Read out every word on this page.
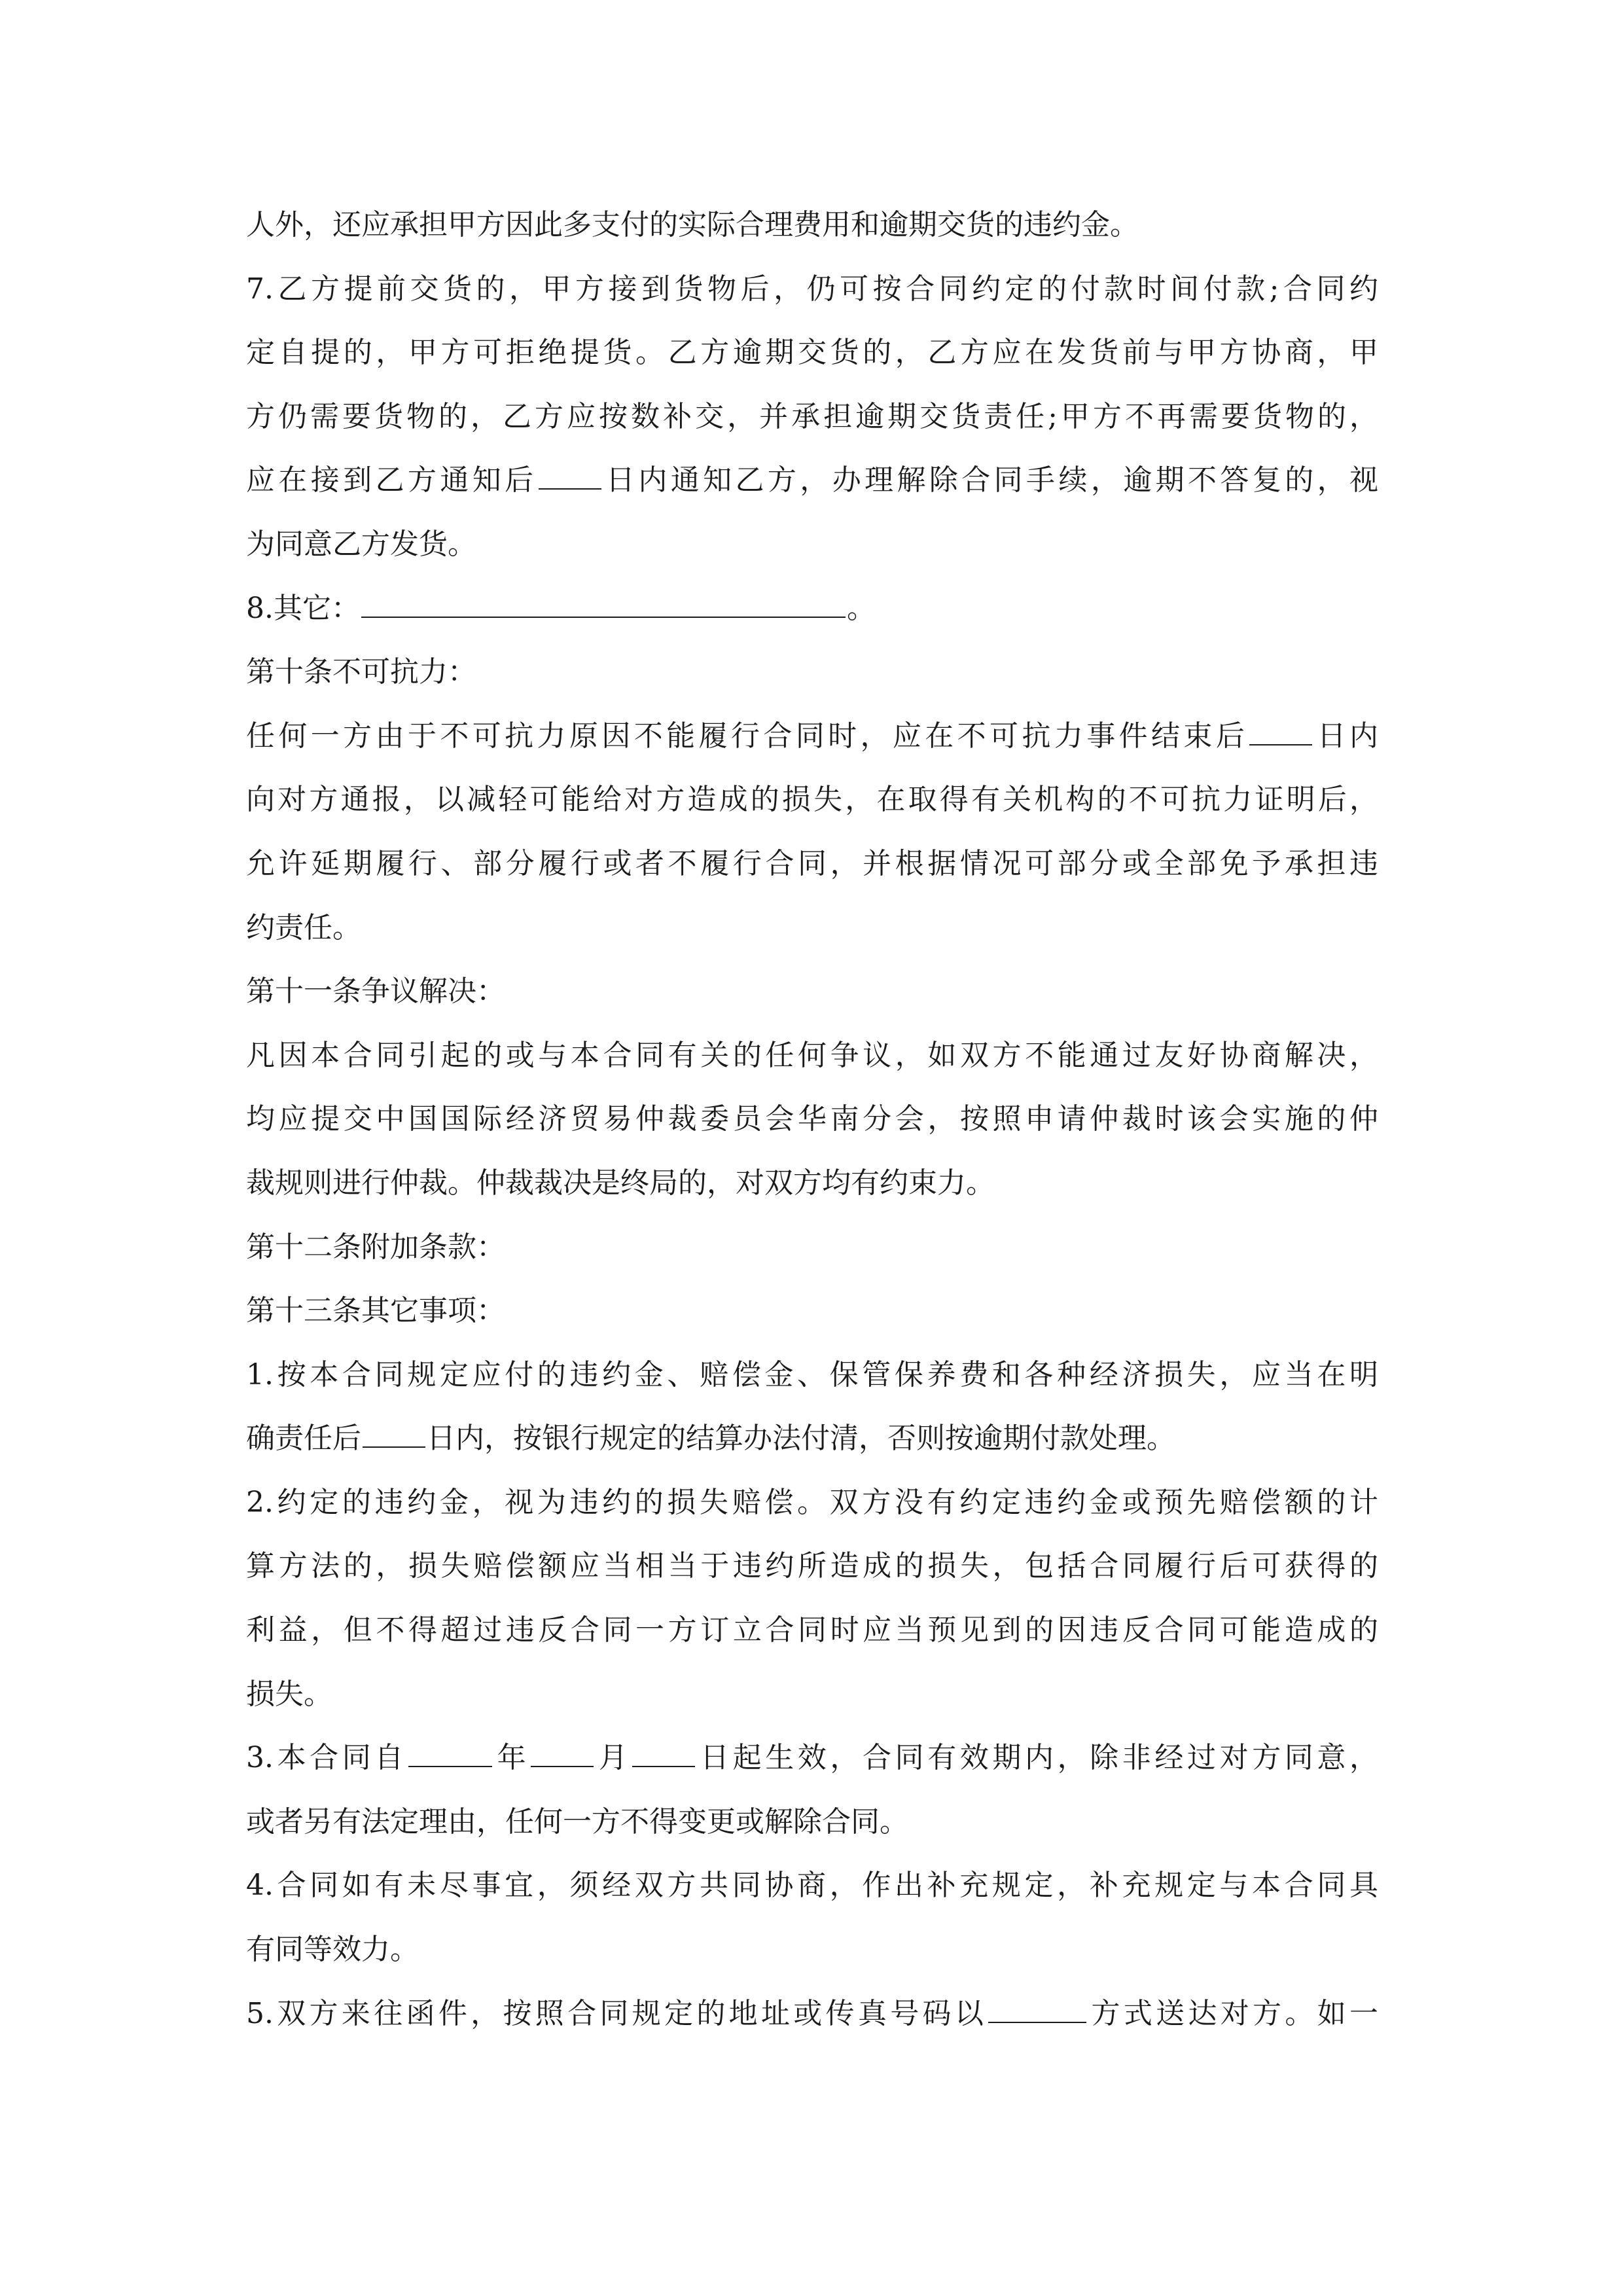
人外，还应承担甲方因此多支付的实际合理费用和逾期交货的违约金。
7.乙方提前交货的，甲方接到货物后，仍可按合同约定的付款时间付款;合同约
定自提的，甲方可拒绝提货。乙方逾期交货的，乙方应在发货前与甲方协商，甲
方仍需要货物的，乙方应按数补交，并承担逾期交货责任;甲方不再需要货物的，
应在接到乙方通知后 日内通知乙方，办理解除合同手续，逾期不答复的，视
为同意乙方发货。
8.其它：	。
第十条不可抗力：
任何一方由于不可抗力原因不能履行合同时，应在不可抗力事件结束后 日内
向对方通报，以减轻可能给对方造成的损失，在取得有关机构的不可抗力证明后，
允许延期履行、部分履行或者不履行合同，并根据情况可部分或全部免予承担违
约责任。
第十一条争议解决：
凡因本合同引起的或与本合同有关的任何争议，如双方不能通过友好协商解决，
均应提交中国国际经济贸易仲裁委员会华南分会，按照申请仲裁时该会实施的仲
裁规则进行仲裁。仲裁裁决是终局的，对双方均有约束力。
第十二条附加条款：
第十三条其它事项：
1.按本合同规定应付的违约金、赔偿金、保管保养费和各种经济损失，应当在明
确责任后 日内，按银行规定的结算办法付清，否则按逾期付款处理。
2.约定的违约金，视为违约的损失赔偿。双方没有约定违约金或预先赔偿额的计
算方法的，损失赔偿额应当相当于违约所造成的损失，包括合同履行后可获得的
利益，但不得超过违反合同一方订立合同时应当预见到的因违反合同可能造成的
损失。
3.本合同自	年 月 日起生效，合同有效期内，除非经过对方同意，
或者另有法定理由，任何一方不得变更或解除合同。
4.合同如有未尽事宜，须经双方共同协商，作出补充规定，补充规定与本合同具
有同等效力。
5.双方来往函件，按照合同规定的地址或传真号码以	方式送达对方。如一
